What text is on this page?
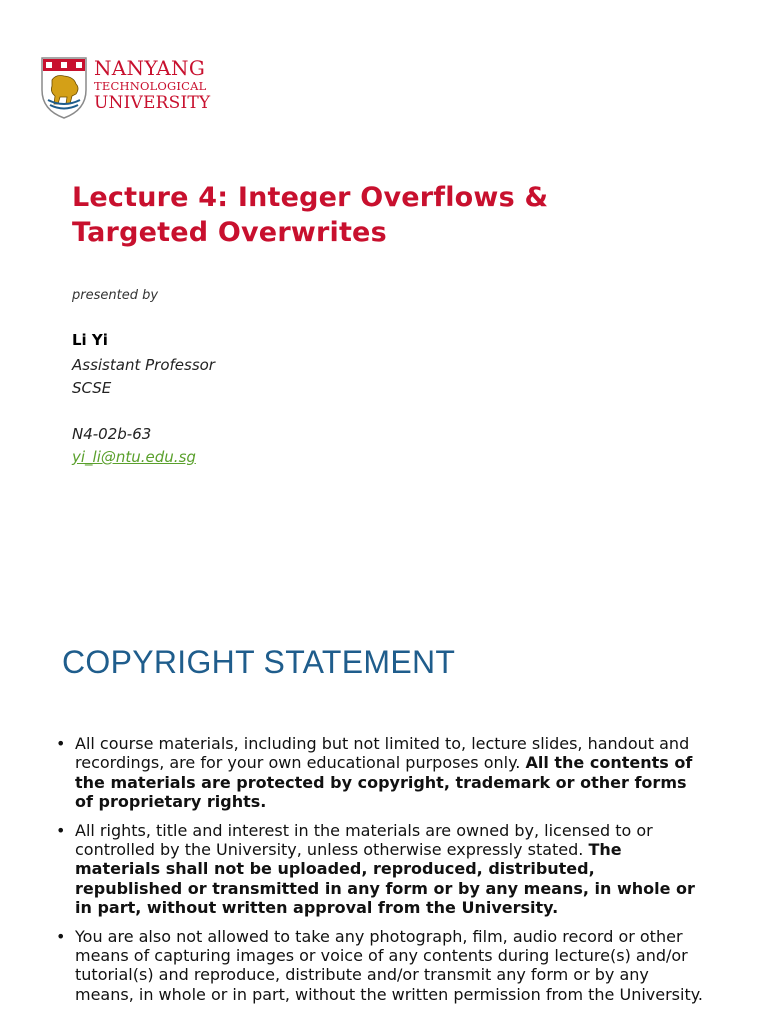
NANYANG
TECHNOLOGICAL
UNIVERSITY
Lecture 4: Integer Overflows &
Targeted Overwrites
presented by
Li Yi
Assistant Professor
SCSE
N4-02b-63
yi_li@ntu.edu.sg
COPYRIGHT STATEMENT
• All course materials, including but not limited to, lecture slides, handout and recordings, are for your own educational purposes only. All the contents of the materials are protected by copyright, trademark or other forms of proprietary rights.
• All rights, title and interest in the materials are owned by, licensed to or controlled by the University, unless otherwise expressly stated. The materials shall not be uploaded, reproduced, distributed, republished or transmitted in any form or by any means, in whole or in part, without written approval from the University.
• You are also not allowed to take any photograph, film, audio record or other means of capturing images or voice of any contents during lecture(s) and/or tutorial(s) and reproduce, distribute and/or transmit any form or by any means, in whole or in part, without the written permission from the University.
